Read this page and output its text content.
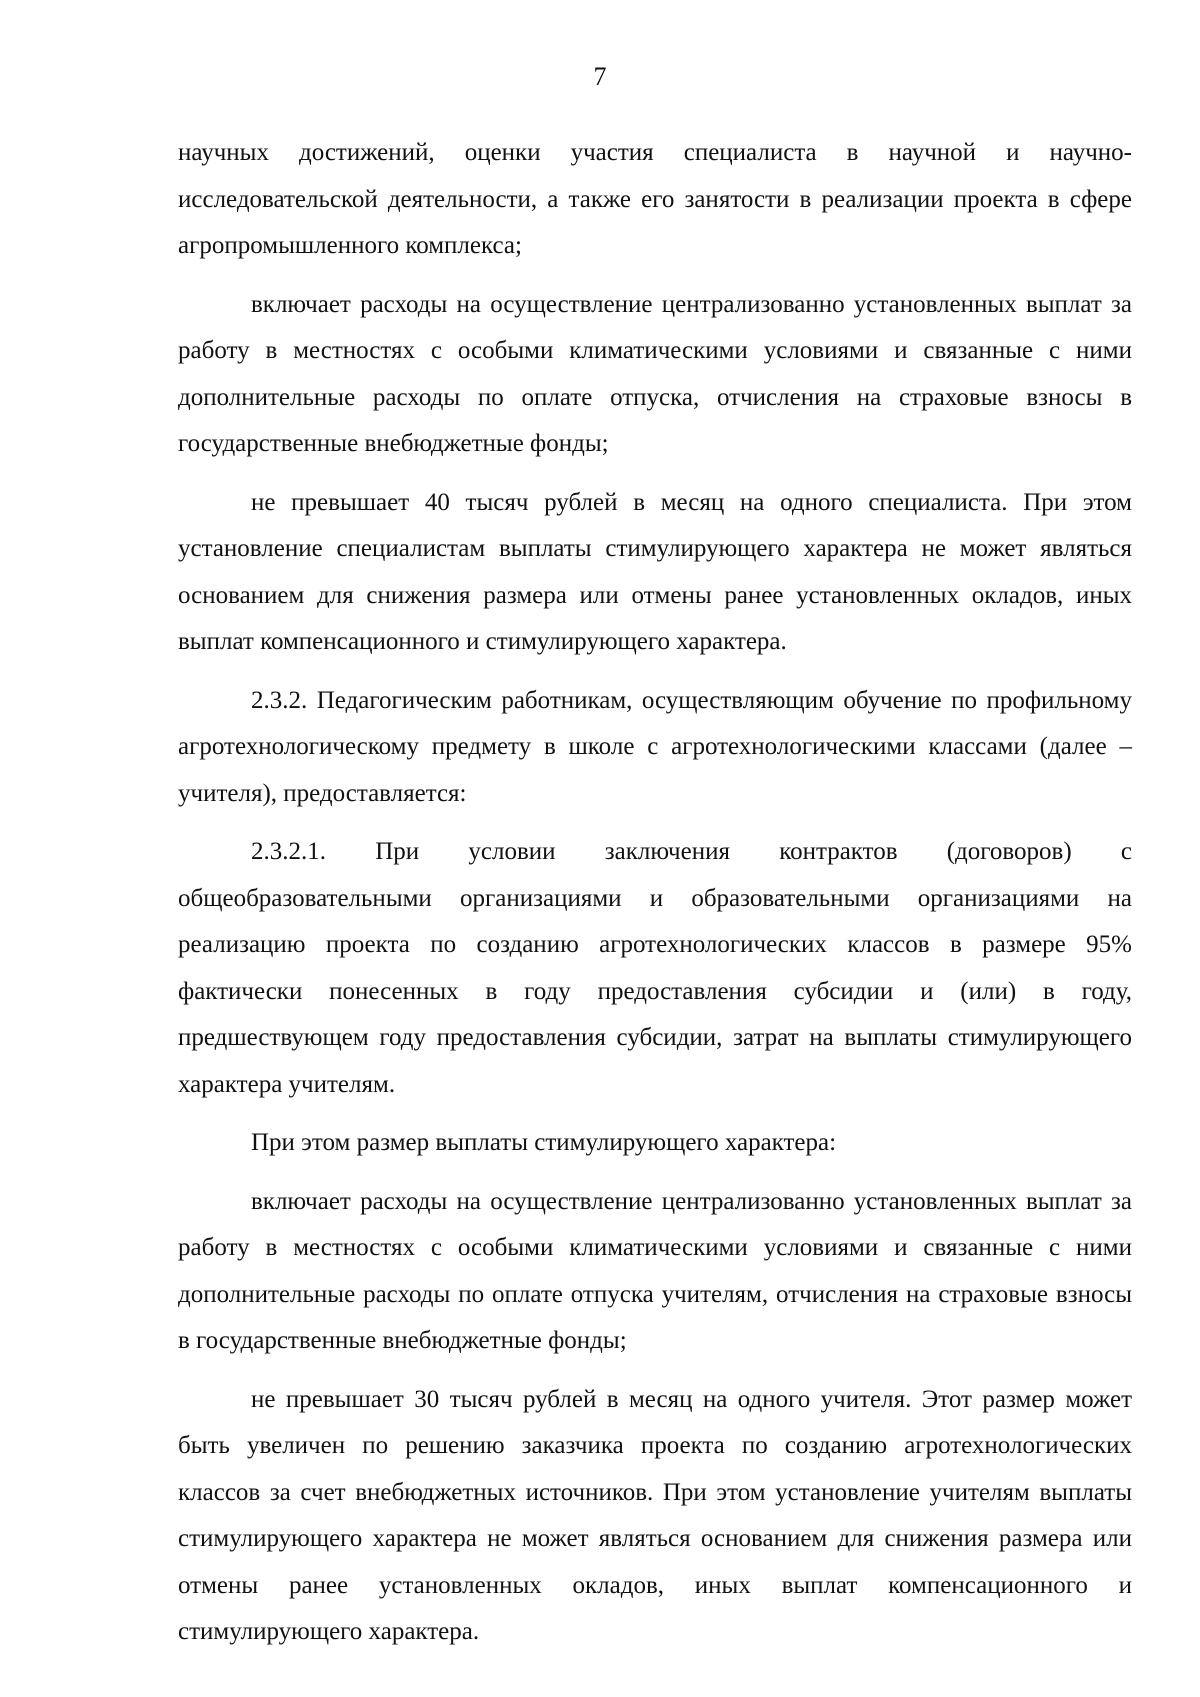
7

научных достижений, оценки участия специалиста в научной и научно-исследовательской деятельности, а также его занятости в реализации проекта в сфере агропромышленного комплекса;

включает расходы на осуществление централизованно установленных выплат за работу в местностях с особыми климатическими условиями и связанные с ними дополнительные расходы по оплате отпуска, отчисления на страховые взносы в государственные внебюджетные фонды;

не превышает 40 тысяч рублей в месяц на одного специалиста. При этом установление специалистам выплаты стимулирующего характера не может являться основанием для снижения размера или отмены ранее установленных окладов, иных выплат компенсационного и стимулирующего характера.

2.3.2. Педагогическим работникам, осуществляющим обучение по профильному агротехнологическому предмету в школе с агротехнологическими классами (далее – учителя), предоставляется:

2.3.2.1. При условии заключения контрактов (договоров) с общеобразовательными организациями и образовательными организациями на реализацию проекта по созданию агротехнологических классов в размере 95% фактически понесенных в году предоставления субсидии и (или) в году, предшествующем году предоставления субсидии, затрат на выплаты стимулирующего характера учителям.

При этом размер выплаты стимулирующего характера:

включает расходы на осуществление централизованно установленных выплат за работу в местностях с особыми климатическими условиями и связанные с ними дополнительные расходы по оплате отпуска учителям, отчисления на страховые взносы в государственные внебюджетные фонды;

не превышает 30 тысяч рублей в месяц на одного учителя. Этот размер может быть увеличен по решению заказчика проекта по созданию агротехнологических классов за счет внебюджетных источников. При этом установление учителям выплаты стимулирующего характера не может являться основанием для снижения размера или отмены ранее установленных окладов, иных выплат компенсационного и стимулирующего характера.
